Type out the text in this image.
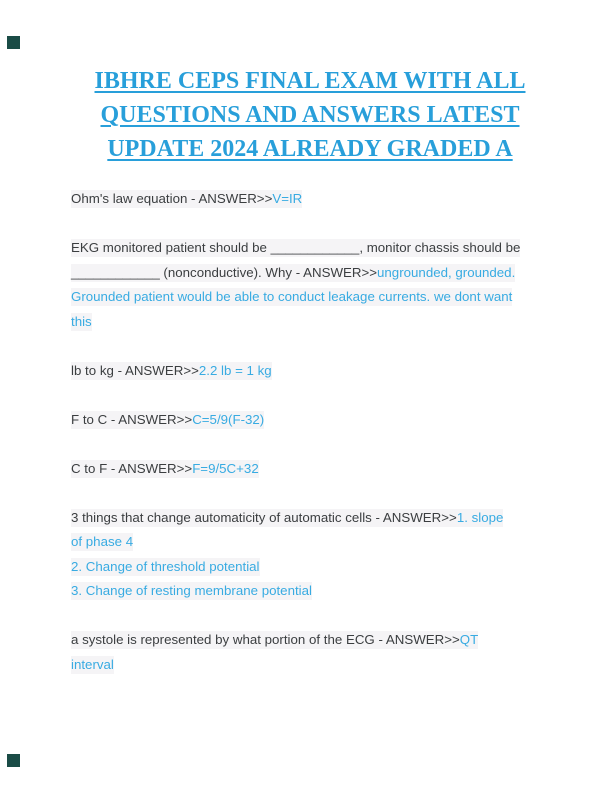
IBHRE CEPS FINAL EXAM WITH ALL
QUESTIONS AND ANSWERS LATEST
UPDATE 2024 ALREADY GRADED A
Ohm's law equation - ANSWER>>V=IR
EKG monitored patient should be ____________, monitor chassis should be
____________ (nonconductive). Why - ANSWER>>ungrounded, grounded.
Grounded patient would be able to conduct leakage currents. we dont want
this
lb to kg - ANSWER>>2.2 lb = 1 kg
F to C - ANSWER>>C=5/9(F-32)
C to F - ANSWER>>F=9/5C+32
3 things that change automaticity of automatic cells - ANSWER>>1. slope
of phase 4
2. Change of threshold potential
3. Change of resting membrane potential
a systole is represented by what portion of the ECG - ANSWER>>QT
interval
